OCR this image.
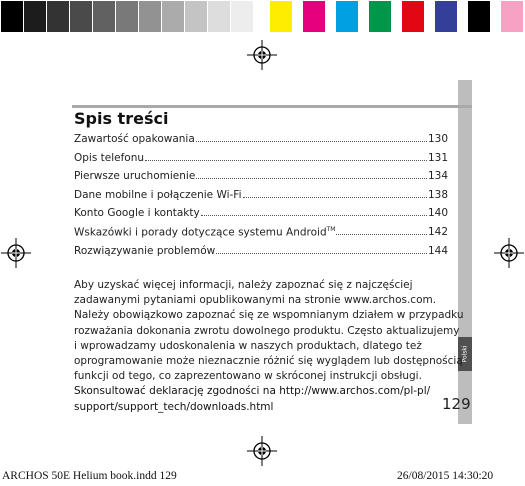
Polski
Spis treści
Zawartość opakowania	130
Opis telefonu	131
Pierwsze uruchomienie	134
Dane mobilne i połączenie Wi-Fi	138
Konto Google i kontakty	140
Wskazówki i porady dotyczące systemu Android™	142
Rozwiązywanie problemów	144

Aby uzyskać więcej informacji, należy zapoznać się z najczęściej

zadawanymi pytaniami opublikowanymi na stronie www.archos.com.

Należy obowiązkowo zapoznać się ze wspomnianym działem w przypadku

rozważania dokonania zwrotu dowolnego produktu. Często aktualizujemy

i wprowadzamy udoskonalenia w naszych produktach, dlatego też

oprogramowanie może nieznacznie różnić się wyglądem lub dostępnością

funkcji od tego, co zaprezentowano w skróconej instrukcji obsługi.

Skonsultować deklarację zgodności na http://www.archos.com/pl-pl/

support/support_tech/downloads.html	129
ARCHOS 50E Helium book.indd 129	26/08/2015 14:30:20
